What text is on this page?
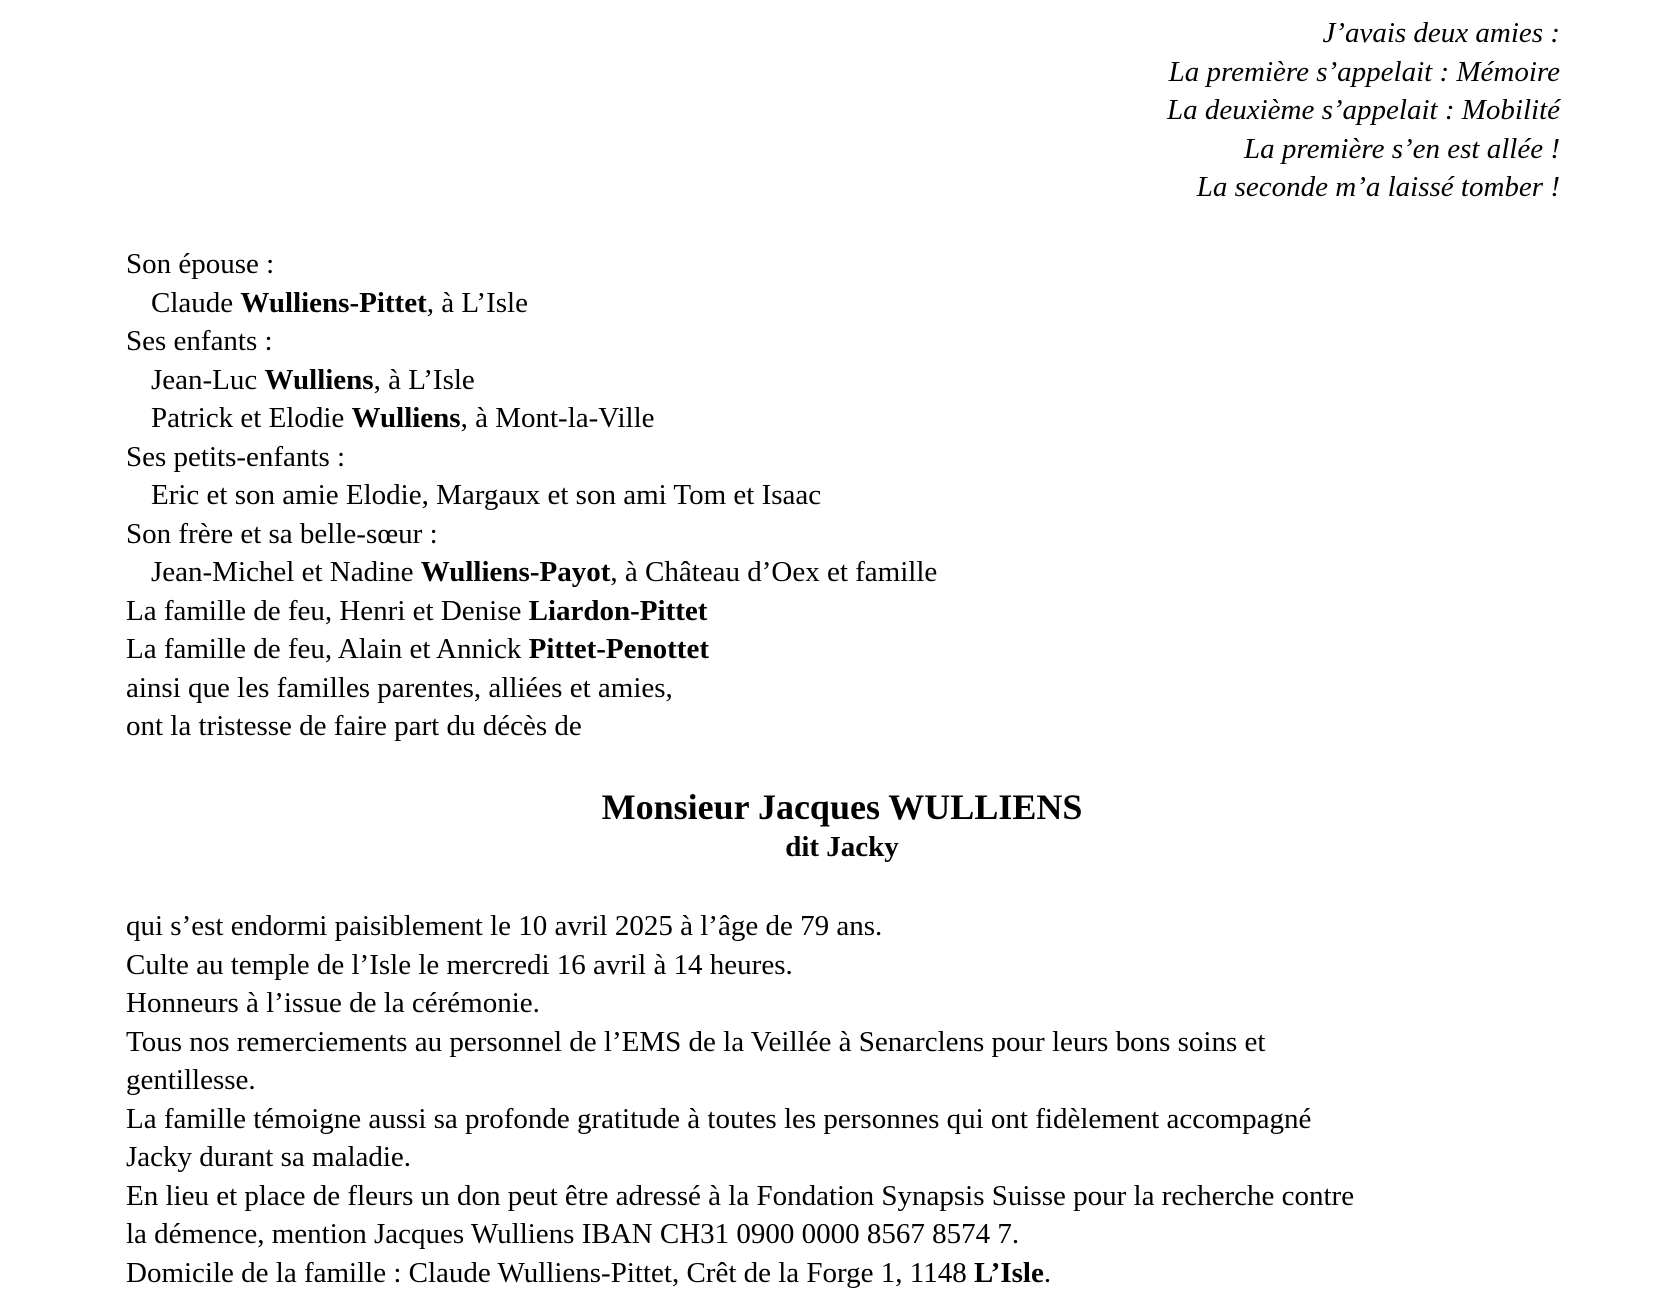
J’avais deux amies :
La première s’appelait : Mémoire
La deuxième s’appelait : Mobilité
La première s’en est allée !
La seconde m’a laissé tomber !
Son épouse :
Claude Wulliens-Pittet, à L’Isle
Ses enfants :
Jean-Luc Wulliens, à L’Isle
Patrick et Elodie Wulliens, à Mont-la-Ville
Ses petits-enfants :
Eric et son amie Elodie, Margaux et son ami Tom et Isaac
Son frère et sa belle-sœur :
Jean-Michel et Nadine Wulliens-Payot, à Château d’Oex et famille
La famille de feu, Henri et Denise Liardon-Pittet
La famille de feu, Alain et Annick Pittet-Penottet
ainsi que les familles parentes, alliées et amies,
ont la tristesse de faire part du décès de
Monsieur Jacques WULLIENS
dit Jacky
qui s’est endormi paisiblement le 10 avril 2025 à l’âge de 79 ans.
Culte au temple de l’Isle le mercredi 16 avril à 14 heures.
Honneurs à l’issue de la cérémonie.
Tous nos remerciements au personnel de l’EMS de la Veillée à Senarclens pour leurs bons soins et
gentillesse.
La famille témoigne aussi sa profonde gratitude à toutes les personnes qui ont fidèlement accompagné
Jacky durant sa maladie.
En lieu et place de fleurs un don peut être adressé à la Fondation Synapsis Suisse pour la recherche contre
la démence, mention Jacques Wulliens IBAN CH31 0900 0000 8567 8574 7.
Domicile de la famille : Claude Wulliens-Pittet, Crêt de la Forge 1, 1148 L’Isle.
